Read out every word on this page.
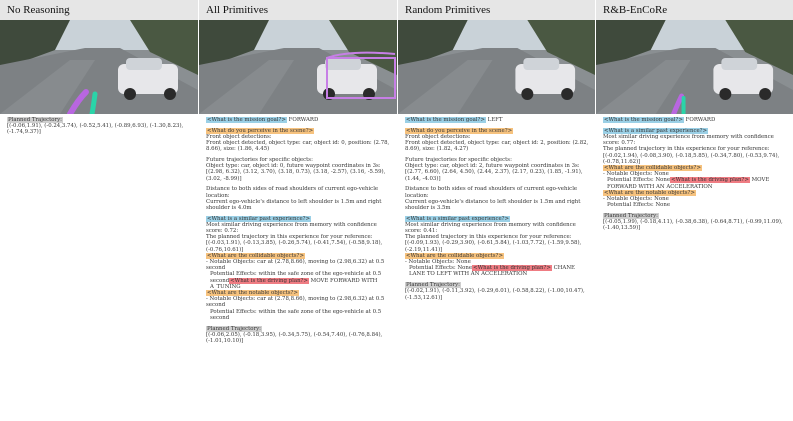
No Reasoning

Planned Trajectory:

[(-0.06,1.91), (-0.24,3.74), (-0.52,5.41), (-0.89,6.93), (-1.30,8.23), (-1.74,9.37)]

All Primitives

<What is the mission goal?> FORWARD

<What do you perceive in the scene?>

Front object detections:

Front object detected, object type: car, object id: 0, position: (2.78, 8.66), size: (1.86, 4.45)

Future trajectories for specific objects:

Object type: car, object id: 0, future waypoint coordinates in 3s: [(2.98, 6.32), (3.12, 3.70), (3.18, 0.73), (3.18, -2.57), (3.16, -5.59), (3.02, -8.99)]

Distance to both sides of road shoulders of current ego-vehicle location:

Current ego-vehicle's distance to left shoulder is 1.5m and right shoulder is 4.0m

<What is a similar past experience?>

Most similar driving experience from memory with confidence score: 0.72:

The planned trajectory in this experience for your reference:

[(-0.03,1.91), (-0.13,3.85), (-0.26,5.74), (-0.41,7.54), (-0.58,9.18), (-0.76,10.61)]

<What are the collidable objects?>

- Notable Objects: car at (2.78,8.66), moving to (2.98,6.32) at 0.5 second

Potential Effects: within the safe zone of the ego-vehicle at 0.5 second<What is the driving plan?> MOVE FORWARD WITH A_TUNING

<What are the notable objects?>

- Notable Objects: car at (2.78,8.66), moving to (2.98,6.32) at 0.5 second

Potential Effects: within the safe zone of the ego-vehicle at 0.5 second

Planned Trajectory:

[(-0.06,2.05), (-0.18,3.95), (-0.34,5.75), (-0.54,7.40), (-0.76,8.84), (-1.01,10.10)]

Random Primitives

<What is the mission goal?> LEFT

<What do you perceive in the scene?>

Front object detections:

Front object detected, object type: car, object id: 2, position: (2.82, 8.69), size: (1.82, 4.27)

Future trajectories for specific objects:

Object type: car, object id: 2, future waypoint coordinates in 3s: [(2.77, 6.60), (2.64, 4.50), (2.44, 2.37), (2.17, 0.23), (1.85, -1.91), (1.44, -4.03)]

Distance to both sides of road shoulders of current ego-vehicle location:

Current ego-vehicle's distance to left shoulder is 1.5m and right shoulder is 3.5m

<What is a similar past experience?>

Most similar driving experience from memory with confidence score: 0.41:

The planned trajectory in this experience for your reference:

[(-0.09,1.93), (-0.29,3.90), (-0.61,5.84), (-1.03,7.72), (-1.59,9.58), (-2.19,11.41)]

<What are the collidable objects?>

- Notable Objects: None

Potential Effects: None<What is the driving plan?> CHANE LANE TO LEFT WITH AN ACCELERATION

Planned Trajectory:

[(-0.02,1.91), (-0.11,3.92), (-0.29,6.01), (-0.58,8.22), (-1.00,10.47), (-1.53,12.61)]

R&B-EnCoRe

<What is the mission goal?> FORWARD

<What is a similar past experience?>

Most similar driving experience from memory with confidence score: 0.77:

The planned trajectory in this experience for your reference:

[(-0.02,1.94), (-0.08,3.90), (-0.18,5.85), (-0.34,7.80), (-0.53,9.74), (-0.78,11.62)]

<What are the collidable objects?>

- Notable Objects: None

Potential Effects: None<What is the driving plan?> MOVE FORWARD WITH AN ACCELERATION

<What are the notable objects?>

- Notable Objects: None

Potential Effects: None

Planned Trajectory:

[(-0.05,1.99), (-0.18,4.11), (-0.38,6.38), (-0.64,8.71), (-0.99,11.09), (-1.40,13.59)]
